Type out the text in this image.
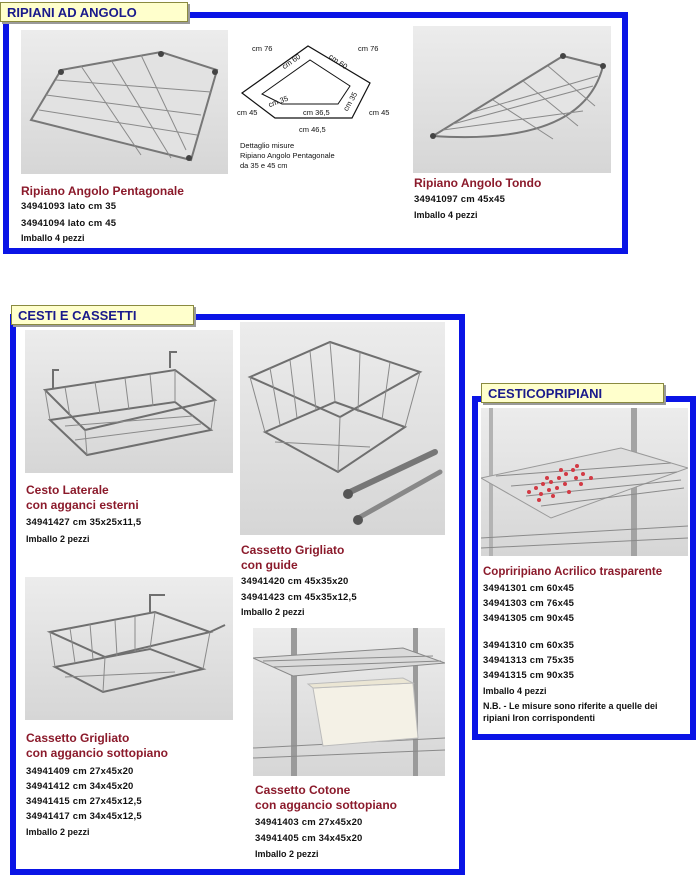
RIPIANI AD ANGOLO
Ripiano Angolo Pentagonale
34941093 lato cm 35
34941094 lato cm 45
Imballo 4 pezzi
cm 76	cm 76
cm 60	cm 60
cm 45	cm 45
cm 35	cm 35
cm 36,5
cm 46,5
Dettaglio misure
Ripiano Angolo Pentagonale
da 35 e 45 cm
Ripiano Angolo Tondo
34941097 cm 45x45
Imballo 4 pezzi
CESTI E CASSETTI
Cesto Laterale
con agganci esterni
34941427 cm 35x25x11,5
Imballo 2 pezzi
Cassetto Grigliato
con guide
34941420 cm 45x35x20
34941423 cm 45x35x12,5
Imballo 2 pezzi
Cassetto Grigliato
con aggancio sottopiano
34941409 cm 27x45x20
34941412 cm 34x45x20
34941415 cm 27x45x12,5
34941417 cm 34x45x12,5
Imballo 2 pezzi
Cassetto Cotone
con aggancio sottopiano
34941403 cm 27x45x20
34941405 cm 34x45x20
Imballo 2 pezzi
CESTICOPRIPIANI
Copriripiano Acrilico trasparente
34941301 cm 60x45
34941303 cm 76x45
34941305 cm 90x45
34941310 cm 60x35
34941313 cm 75x35
34941315 cm 90x35
Imballo 4 pezzi
N.B. - Le misure sono riferite a quelle dei ripiani Iron corrispondenti
